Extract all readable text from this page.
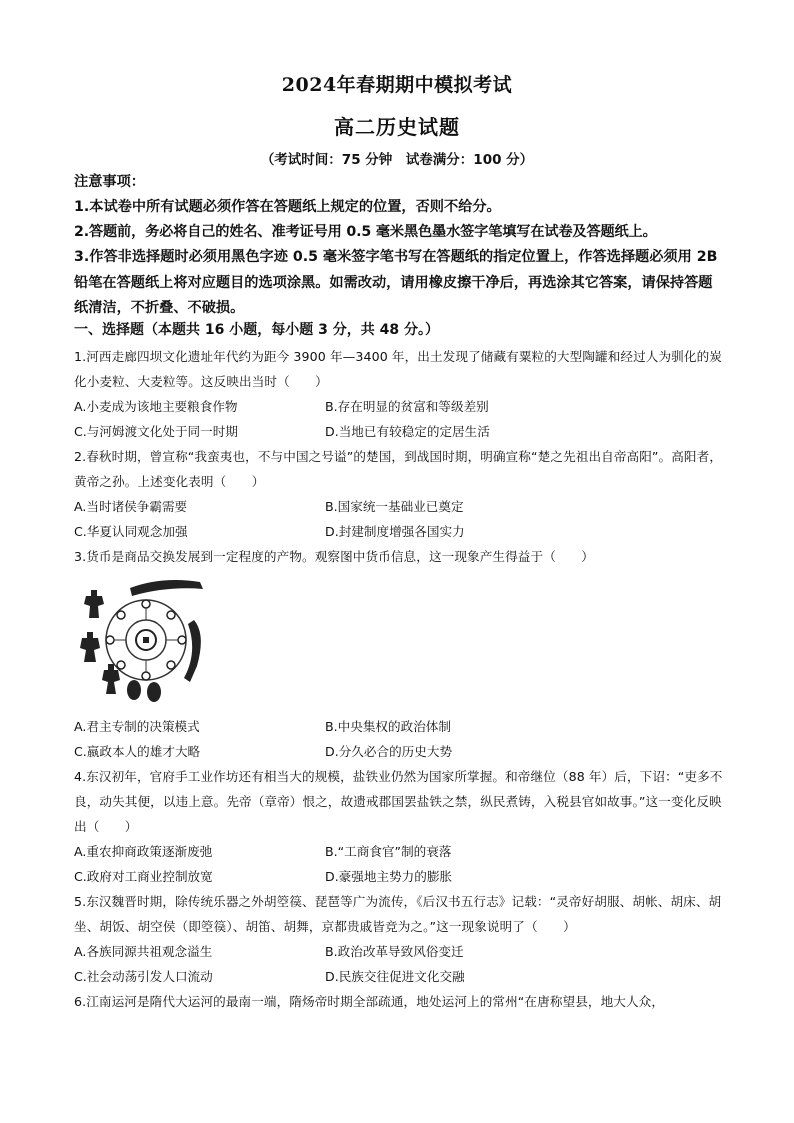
2024年春期期中模拟考试
高二历史试题
（考试时间：75 分钟　试卷满分：100 分）
注意事项：
1.本试卷中所有试题必须作答在答题纸上规定的位置，否则不给分。
2.答题前，务必将自己的姓名、准考证号用 0.5 毫米黑色墨水签字笔填写在试卷及答题纸上。
3.作答非选择题时必须用黑色字迹 0.5 毫米签字笔书写在答题纸的指定位置上，作答选择题必须用 2B 铅笔在答题纸上将对应题目的选项涂黑。如需改动，请用橡皮擦干净后，再选涂其它答案，请保持答题纸清洁，不折叠、不破损。
一、选择题（本题共 16 小题，每小题 3 分，共 48 分。）
1.河西走廊四坝文化遗址年代约为距今 3900 年—3400 年，出土发现了储藏有粟粒的大型陶罐和经过人为驯化的炭化小麦粒、大麦粒等。这反映出当时（　　）
A.小麦成为该地主要粮食作物	B.存在明显的贫富和等级差别
C.与河姆渡文化处于同一时期	D.当地已有较稳定的定居生活
2.春秋时期，曾宣称“我蛮夷也，不与中国之号谥”的楚国，到战国时期，明确宣称“楚之先祖出自帝高阳”。高阳者，黄帝之孙。上述变化表明（　　）
A.当时诸侯争霸需要	B.国家统一基础业已奠定
C.华夏认同观念加强	D.封建制度增强各国实力
3.货币是商品交换发展到一定程度的产物。观察图中货币信息，这一现象产生得益于（　　）
A.君主专制的决策模式	B.中央集权的政治体制
C.嬴政本人的雄才大略	D.分久必合的历史大势
4.东汉初年，官府手工业作坊还有相当大的规模，盐铁业仍然为国家所掌握。和帝继位（88 年）后，下诏：“吏多不良，动失其便，以违上意。先帝（章帝）恨之，故遗戒郡国罢盐铁之禁，纵民煮铸，入税县官如故事。”这一变化反映出（　　）
A.重农抑商政策逐渐废弛	B.“工商食官”制的衰落
C.政府对工商业控制放宽	D.豪强地主势力的膨胀
5.东汉魏晋时期，除传统乐器之外胡箜篌、琵琶等广为流传，《后汉书五行志》记载：“灵帝好胡服、胡帐、胡床、胡坐、胡饭、胡空侯（即箜篌）、胡笛、胡舞，京都贵戚皆竞为之。”这一现象说明了（　　）
A.各族同源共祖观念溢生	B.政治改革导致风俗变迁
C.社会动荡引发人口流动	D.民族交往促进文化交融
6.江南运河是隋代大运河的最南一端，隋炀帝时期全部疏通，地处运河上的常州“在唐称望县，地大人众，
